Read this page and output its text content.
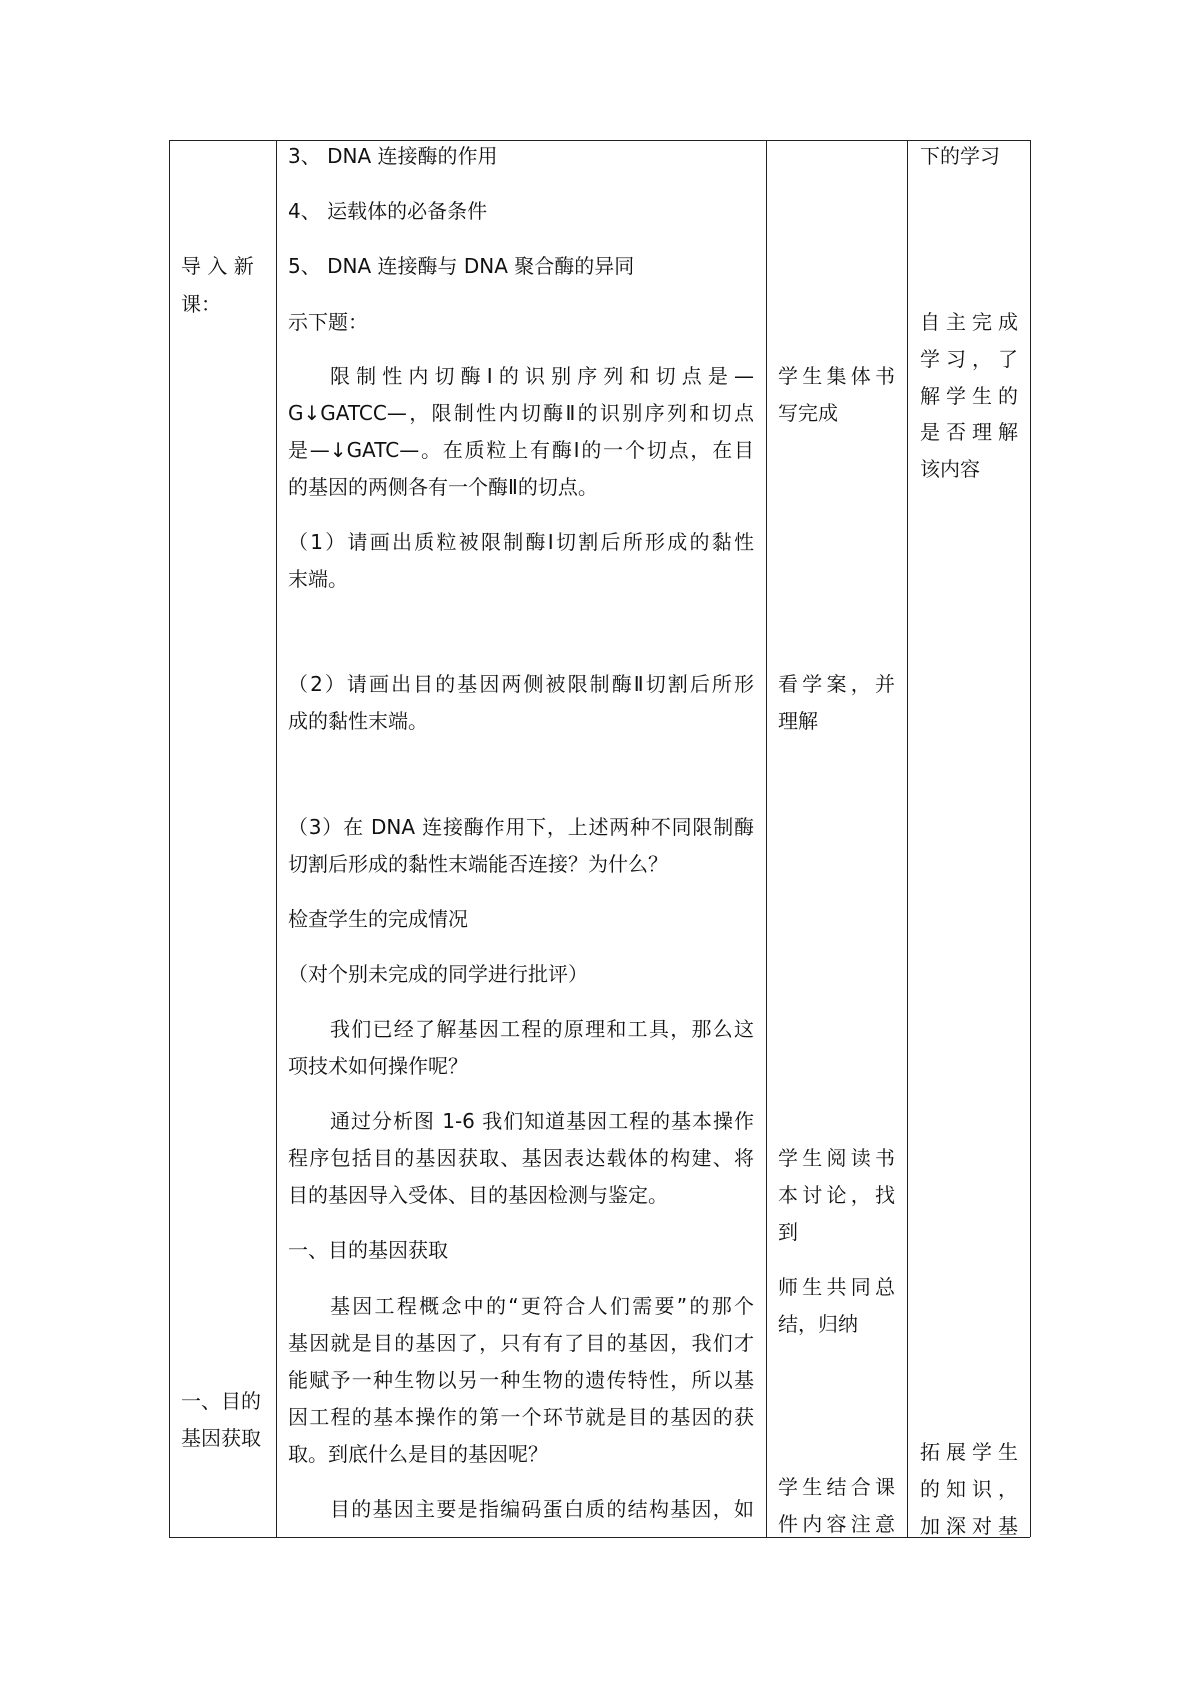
导 入 新
课：
一、目的
基因获取
3、 DNA 连接酶的作用
4、 运载体的必备条件
5、 DNA 连接酶与 DNA 聚合酶的异同
示下题：
限制性内切酶Ⅰ的识别序列和切点是—
G↓GATCC—，限制性内切酶Ⅱ的识别序列和切点
是—↓GATC—。在质粒上有酶Ⅰ的一个切点，在目
的基因的两侧各有一个酶Ⅱ的切点。
（1）请画出质粒被限制酶Ⅰ切割后所形成的黏性
末端。
（2）请画出目的基因两侧被限制酶Ⅱ切割后所形
成的黏性末端。
（3）在 DNA 连接酶作用下，上述两种不同限制酶
切割后形成的黏性末端能否连接？为什么？
检查学生的完成情况
（对个别未完成的同学进行批评）
我们已经了解基因工程的原理和工具，那么这
项技术如何操作呢？
通过分析图 1-6 我们知道基因工程的基本操作
程序包括目的基因获取、基因表达载体的构建、将
目的基因导入受体、目的基因检测与鉴定。
一、目的基因获取
基因工程概念中的“更符合人们需要”的那个
基因就是目的基因了，只有有了目的基因，我们才
能赋予一种生物以另一种生物的遗传特性，所以基
因工程的基本操作的第一个环节就是目的基因的获
取。到底什么是目的基因呢？
目的基因主要是指编码蛋白质的结构基因，如
学生集体书
写完成
看学案，并
理解
学生阅读书
本讨论，找
到
师生共同总
结，归纳
学生结合课
件内容注意
下的学习
自主完成
学习，了
解学生的
是否理解
该内容
拓展学生
的知识，
加深对基
